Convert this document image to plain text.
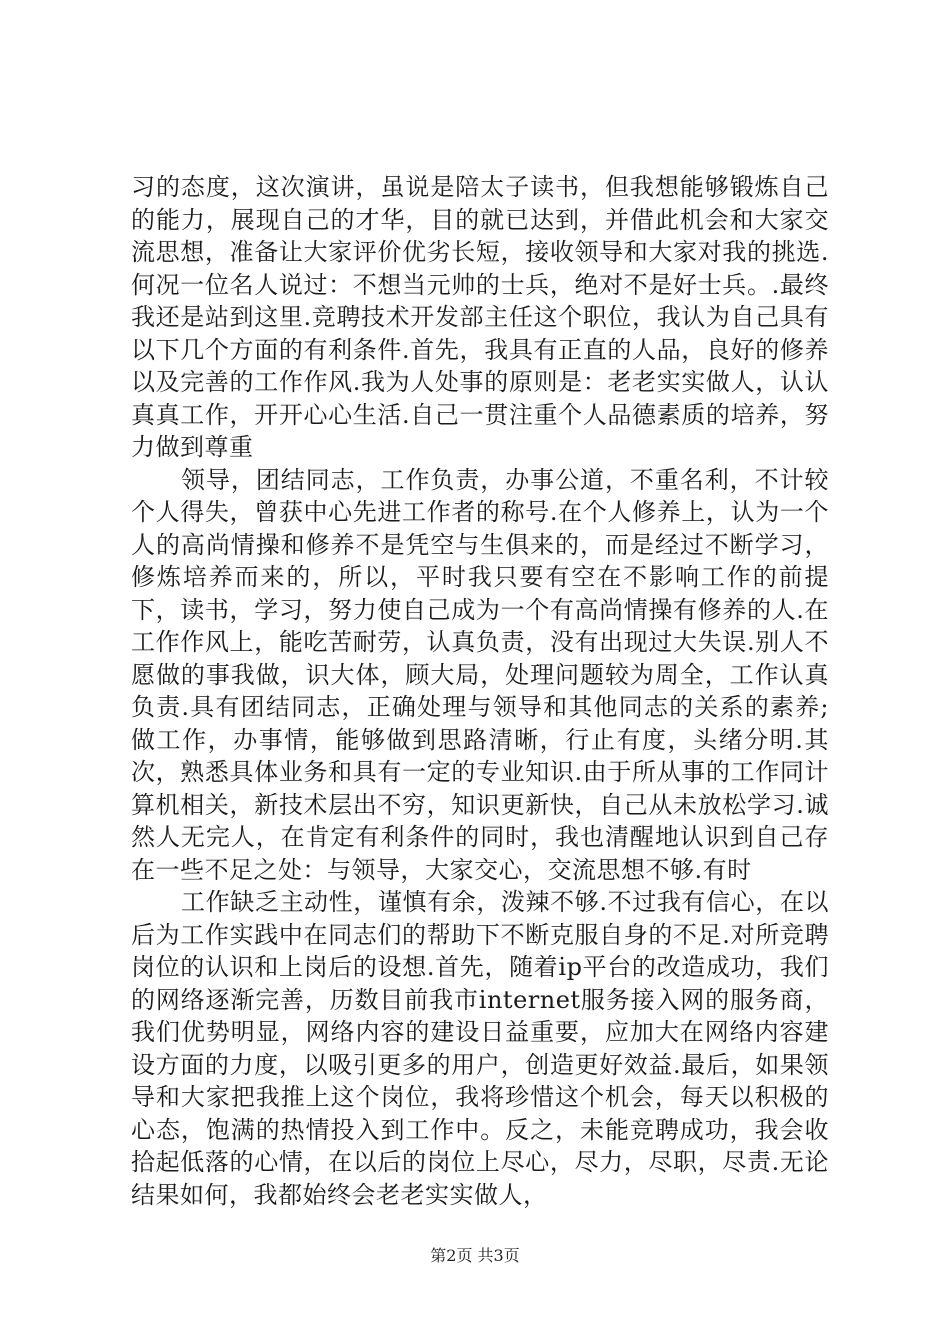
习的态度，这次演讲，虽说是陪太子读书，但我想能够锻炼自己的能力，展现自己的才华，目的就已达到，并借此机会和大家交流思想，准备让大家评价优劣长短，接收领导和大家对我的挑选.何况一位名人说过：不想当元帅的士兵，绝对不是好士兵。.最终我还是站到这里.竞聘技术开发部主任这个职位，我认为自己具有以下几个方面的有利条件.首先，我具有正直的人品，良好的修养以及完善的工作作风.我为人处事的原则是：老老实实做人，认认真真工作，开开心心生活.自己一贯注重个人品德素质的培养，努力做到尊重

领导，团结同志，工作负责，办事公道，不重名利，不计较个人得失，曾获中心先进工作者的称号.在个人修养上，认为一个人的高尚情操和修养不是凭空与生俱来的，而是经过不断学习，修炼培养而来的，所以，平时我只要有空在不影响工作的前提下，读书，学习，努力使自己成为一个有高尚情操有修养的人.在工作作风上，能吃苦耐劳，认真负责，没有出现过大失误.别人不愿做的事我做，识大体，顾大局，处理问题较为周全，工作认真负责.具有团结同志，正确处理与领导和其他同志的关系的素养;做工作，办事情，能够做到思路清晰，行止有度，头绪分明.其次，熟悉具体业务和具有一定的专业知识.由于所从事的工作同计算机相关，新技术层出不穷，知识更新快，自己从未放松学习.诚然人无完人，在肯定有利条件的同时，我也清醒地认识到自己存在一些不足之处：与领导，大家交心，交流思想不够.有时

工作缺乏主动性，谨慎有余，泼辣不够.不过我有信心，在以后为工作实践中在同志们的帮助下不断克服自身的不足.对所竞聘岗位的认识和上岗后的设想.首先，随着ip平台的改造成功，我们的网络逐渐完善，历数目前我市internet服务接入网的服务商，我们优势明显，网络内容的建设日益重要，应加大在网络内容建设方面的力度，以吸引更多的用户，创造更好效益.最后，如果领导和大家把我推上这个岗位，我将珍惜这个机会，每天以积极的心态，饱满的热情投入到工作中。反之，未能竞聘成功，我会收拾起低落的心情，在以后的岗位上尽心，尽力，尽职，尽责.无论结果如何，我都始终会老老实实做人，

第2页 共3页
